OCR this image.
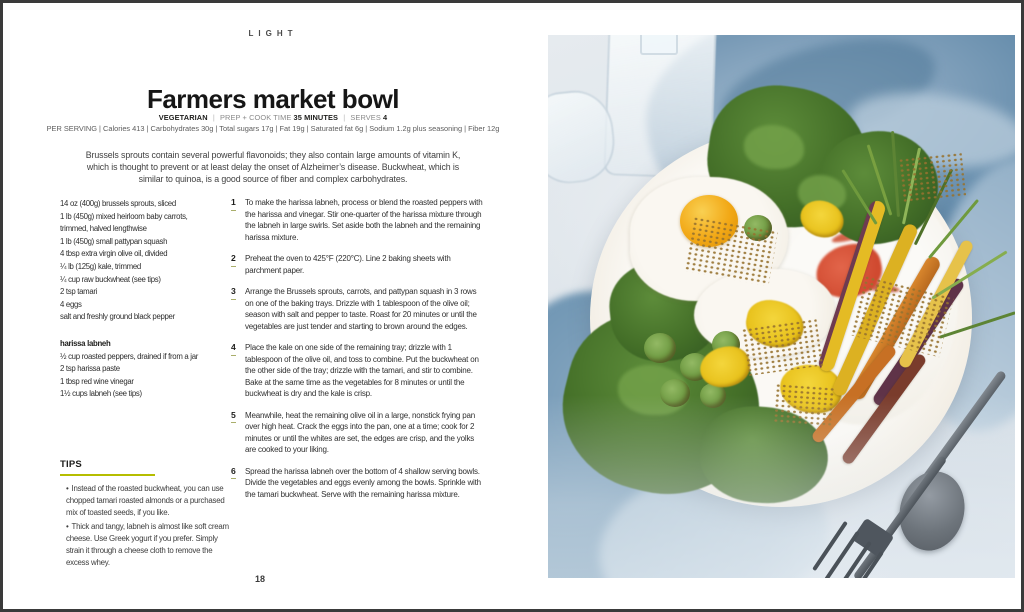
LIGHT
Farmers market bowl
VEGETARIAN | PREP + COOK TIME 35 MINUTES | SERVES 4
PER SERVING | Calories 413 | Carbohydrates 30g | Total sugars 17g | Fat 19g | Saturated fat 6g | Sodium 1.2g plus seasoning | Fiber 12g

Brussels sprouts contain several powerful flavonoids; they also contain large amounts of vitamin K, which is thought to prevent or at least delay the onset of Alzheimer’s disease. Buckwheat, which is similar to quinoa, is a good source of fiber and complex carbohydrates.

14 oz (400g) brussels sprouts, sliced

1 lb (450g) mixed heirloom baby carrots, trimmed, halved lengthwise

1 lb (450g) small pattypan squash

4 tbsp extra virgin olive oil, divided

¼ lb (125g) kale, trimmed

¼ cup raw buckwheat (see tips)

2 tsp tamari

4 eggs

salt and freshly ground black pepper

harissa labneh

½ cup roasted peppers, drained if from a jar

2 tsp harissa paste

1 tbsp red wine vinegar

1½ cups labneh (see tips)

1 To make the harissa labneh, process or blend the roasted peppers with the harissa and vinegar. Stir one-quarter of the harissa mixture through the labneh in large swirls. Set aside both the labneh and the remaining harissa mixture.
2 Preheat the oven to 425°F (220°C). Line 2 baking sheets with parchment paper.
3 Arrange the Brussels sprouts, carrots, and pattypan squash in 3 rows on one of the baking trays. Drizzle with 1 tablespoon of the olive oil; season with salt and pepper to taste. Roast for 20 minutes or until the vegetables are just tender and starting to brown around the edges.
4 Place the kale on one side of the remaining tray; drizzle with 1 tablespoon of the olive oil, and toss to combine. Put the buckwheat on the other side of the tray; drizzle with the tamari, and stir to combine. Bake at the same time as the vegetables for 8 minutes or until the buckwheat is dry and the kale is crisp.
5 Meanwhile, heat the remaining olive oil in a large, nonstick frying pan over high heat. Crack the eggs into the pan, one at a time; cook for 2 minutes or until the whites are set, the edges are crisp, and the yolks are cooked to your liking.
6 Spread the harissa labneh over the bottom of 4 shallow serving bowls. Divide the vegetables and eggs evenly among the bowls. Sprinkle with the tamari buckwheat. Serve with the remaining harissa mixture.
TIPS

• Instead of the roasted buckwheat, you can use chopped tamari roasted almonds or a purchased mix of toasted seeds, if you like.

• Thick and tangy, labneh is almost like soft cream cheese. Use Greek yogurt if you prefer. Simply strain it through a cheese cloth to remove the excess whey.

18
